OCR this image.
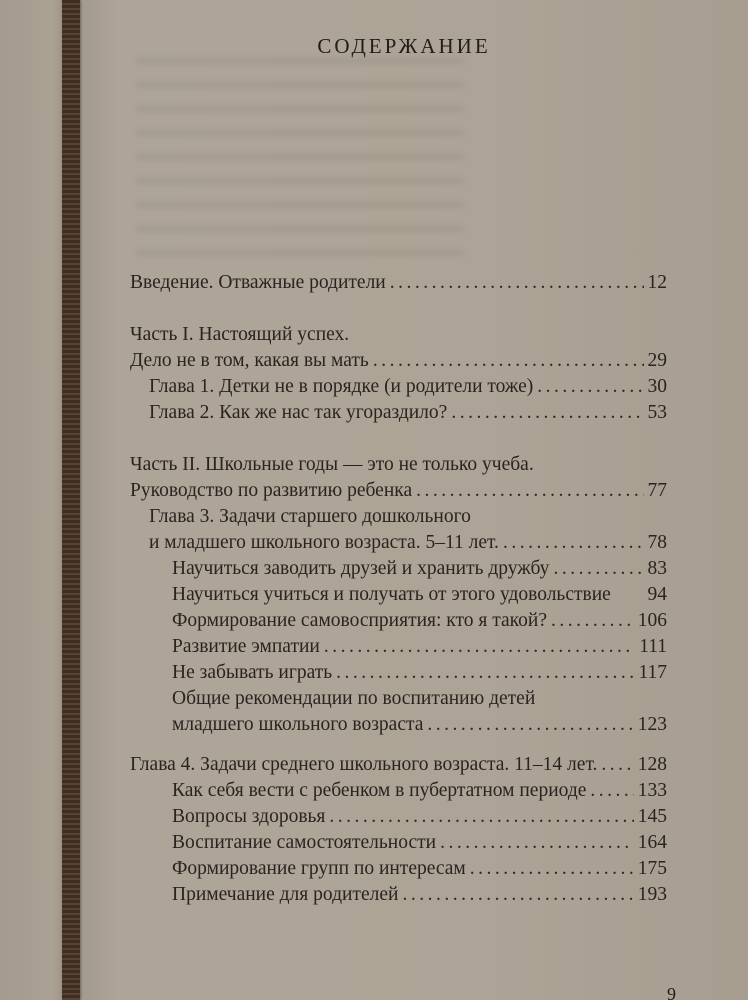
СОДЕРЖАНИЕ
Введение. Отважные родители .....	12
Часть I. Настоящий успех.
Дело не в том, какая вы мать .....	29
Глава 1. Детки не в порядке (и родители тоже) .....	30
Глава 2. Как же нас так угораздило? .....	53
Часть II. Школьные годы — это не только учеба.
Руководство по развитию ребенка .....	77
Глава 3. Задачи старшего дошкольного
и младшего школьного возраста. 5–11 лет. .....	78
Научиться заводить друзей и хранить дружбу .....	83
Научиться учиться и получать от этого удовольствие 94
Формирование самовосприятия: кто я такой? .....	106
Развитие эмпатии .....	111
Не забывать играть .....	117
Общие рекомендации по воспитанию детей
младшего школьного возраста .....	123
Глава 4. Задачи среднего школьного возраста. 11–14 лет. ..... 128
Как себя вести с ребенком в пубертатном периоде .....	133
Вопросы здоровья .....	145
Воспитание самостоятельности .....	164
Формирование групп по интересам .....	175
Примечание для родителей .....	193
9
